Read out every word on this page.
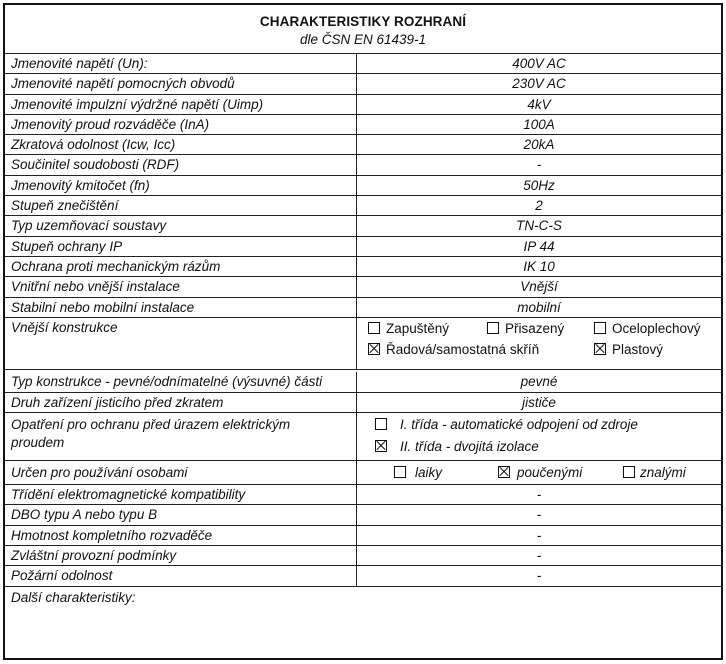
CHARAKTERISTIKY ROZHRANÍ
dle ČSN EN 61439-1
Jmenovité napětí (Un):	400V AC
Jmenovité napětí pomocných obvodů	230V AC
Jmenovité impulzní výdržné napětí (Uimp)	4kV
Jmenovitý proud rozváděče (InA)	100A
Zkratová odolnost (Icw, Icc)	20kA
Součinitel soudobosti (RDF)	-
Jmenovitý kmitočet (fn)	50Hz
Stupeň znečištění	2
Typ uzemňovací soustavy	TN-C-S
Stupeň ochrany IP	IP 44
Ochrana proti mechanickým rázům	IK 10
Vnitřní nebo vnější instalace	Vnější
Stabilní nebo mobilní instalace	mobilní
Vnější konstrukce	Zapuštěný	Přisazený	Oceloplechový
Řadová/samostatná skříň	Plastový
Typ konstrukce - pevné/odnímatelné (výsuvné) části	pevné
Druh zařízení jisticího před zkratem	jističe
Opatření pro ochranu před úrazem elektrickým
proudem
I. třída - automatické odpojení od zdroje
II. třída - dvojitá izolace
Určen pro používání osobami	laiky	poučenými	znalými
Třídění elektromagnetické kompatibility	-
DBO typu A nebo typu B	-
Hmotnost kompletního rozvaděče	-
Zvláštní provozní podmínky	-
Požární odolnost	-
Další charakteristiky:
